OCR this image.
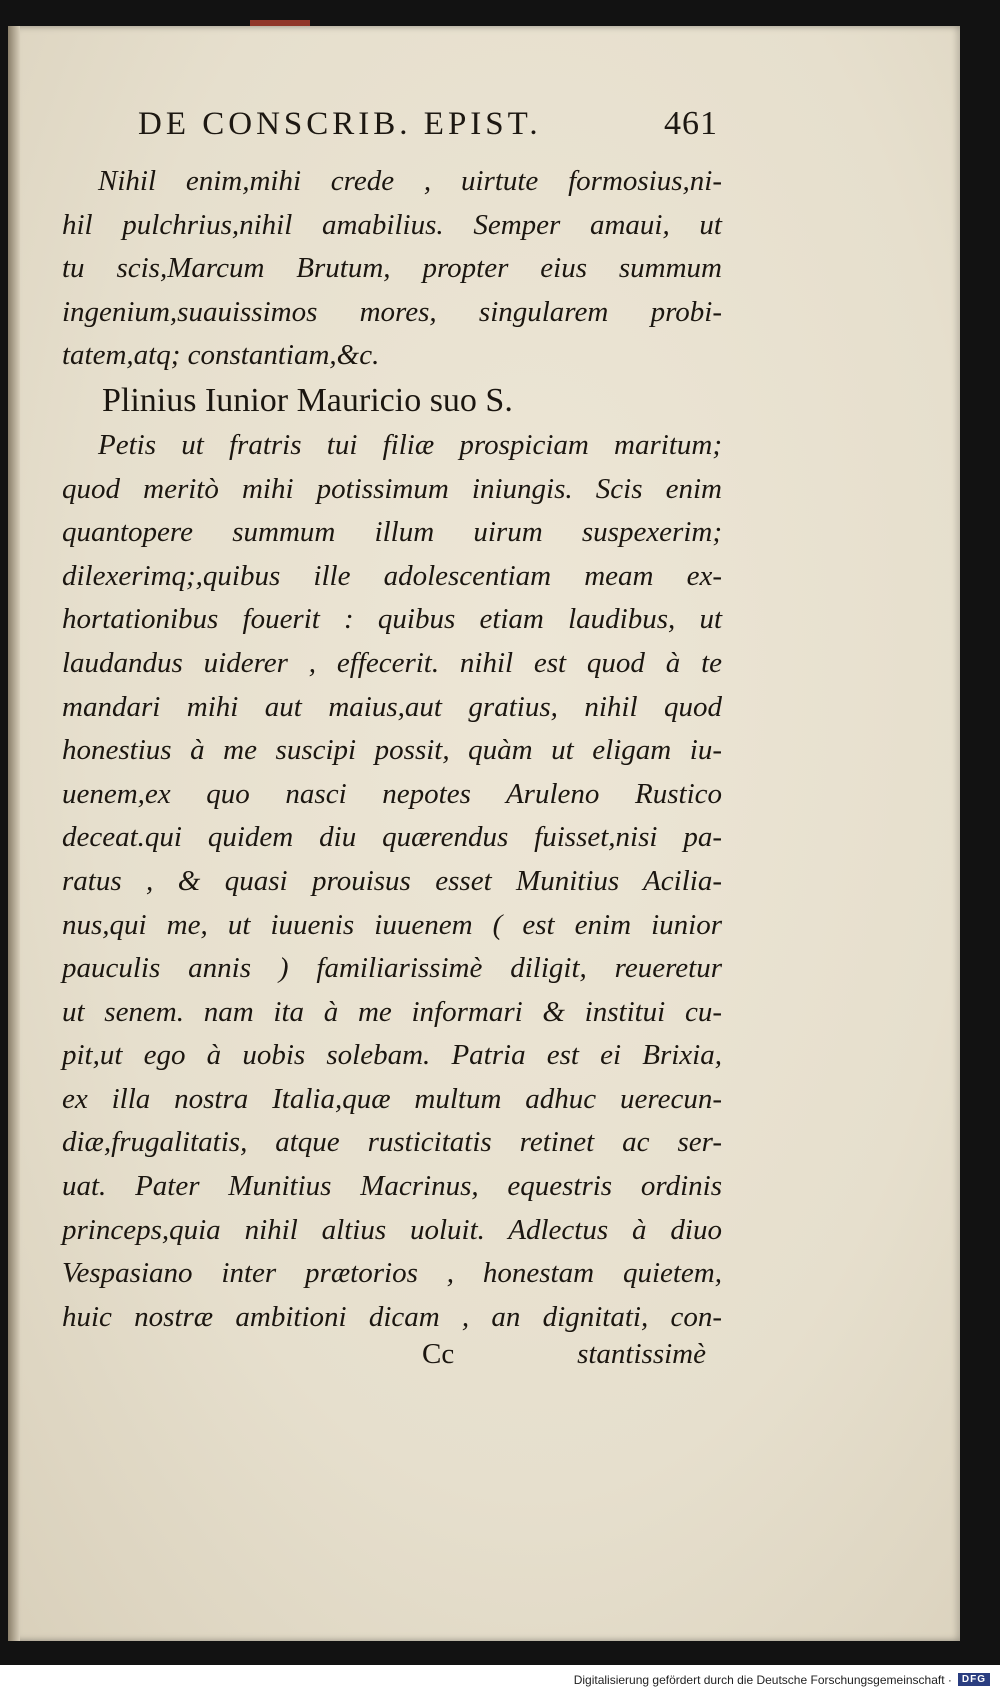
DE CONSCRIB. EPIST.	461
Nihil enim,mihi crede , uirtute formosius,ni-
hil pulchrius,nihil amabilius. Semper amaui, ut
tu scis,Marcum Brutum, propter eius summum
ingenium,suauissimos mores, singularem probi-
tatem,atq; constantiam,&c.
Plinius Iunior Mauricio suo S.
Petis ut fratris tui filiæ prospiciam maritum;
quod meritò mihi potissimum iniungis. Scis enim
quantopere summum illum uirum suspexerim;
dilexerimq;,quibus ille adolescentiam meam ex-
hortationibus fouerit : quibus etiam laudibus, ut
laudandus uiderer , effecerit. nihil est quod à te
mandari mihi aut maius,aut gratius, nihil quod
honestius à me suscipi possit, quàm ut eligam iu-
uenem,ex quo nasci nepotes Aruleno Rustico
deceat.qui quidem diu quærendus fuisset,nisi pa-
ratus , & quasi prouisus esset Munitius Acilia-
nus,qui me, ut iuuenis iuuenem ( est enim iunior
pauculis annis ) familiarissimè diligit, reueretur
ut senem. nam ita à me informari & institui cu-
pit,ut ego à uobis solebam. Patria est ei Brixia,
ex illa nostra Italia,quæ multum adhuc uerecun-
diæ,frugalitatis, atque rusticitatis retinet ac ser-
uat. Pater Munitius Macrinus, equestris ordinis
princeps,quia nihil altius uoluit. Adlectus à diuo
Vespasiano inter prætorios , honestam quietem,
huic nostræ ambitioni dicam , an dignitati, con-
Cc	stantissimè
Digitalisierung gefördert durch die Deutsche Forschungsgemeinschaft ·	DFG
